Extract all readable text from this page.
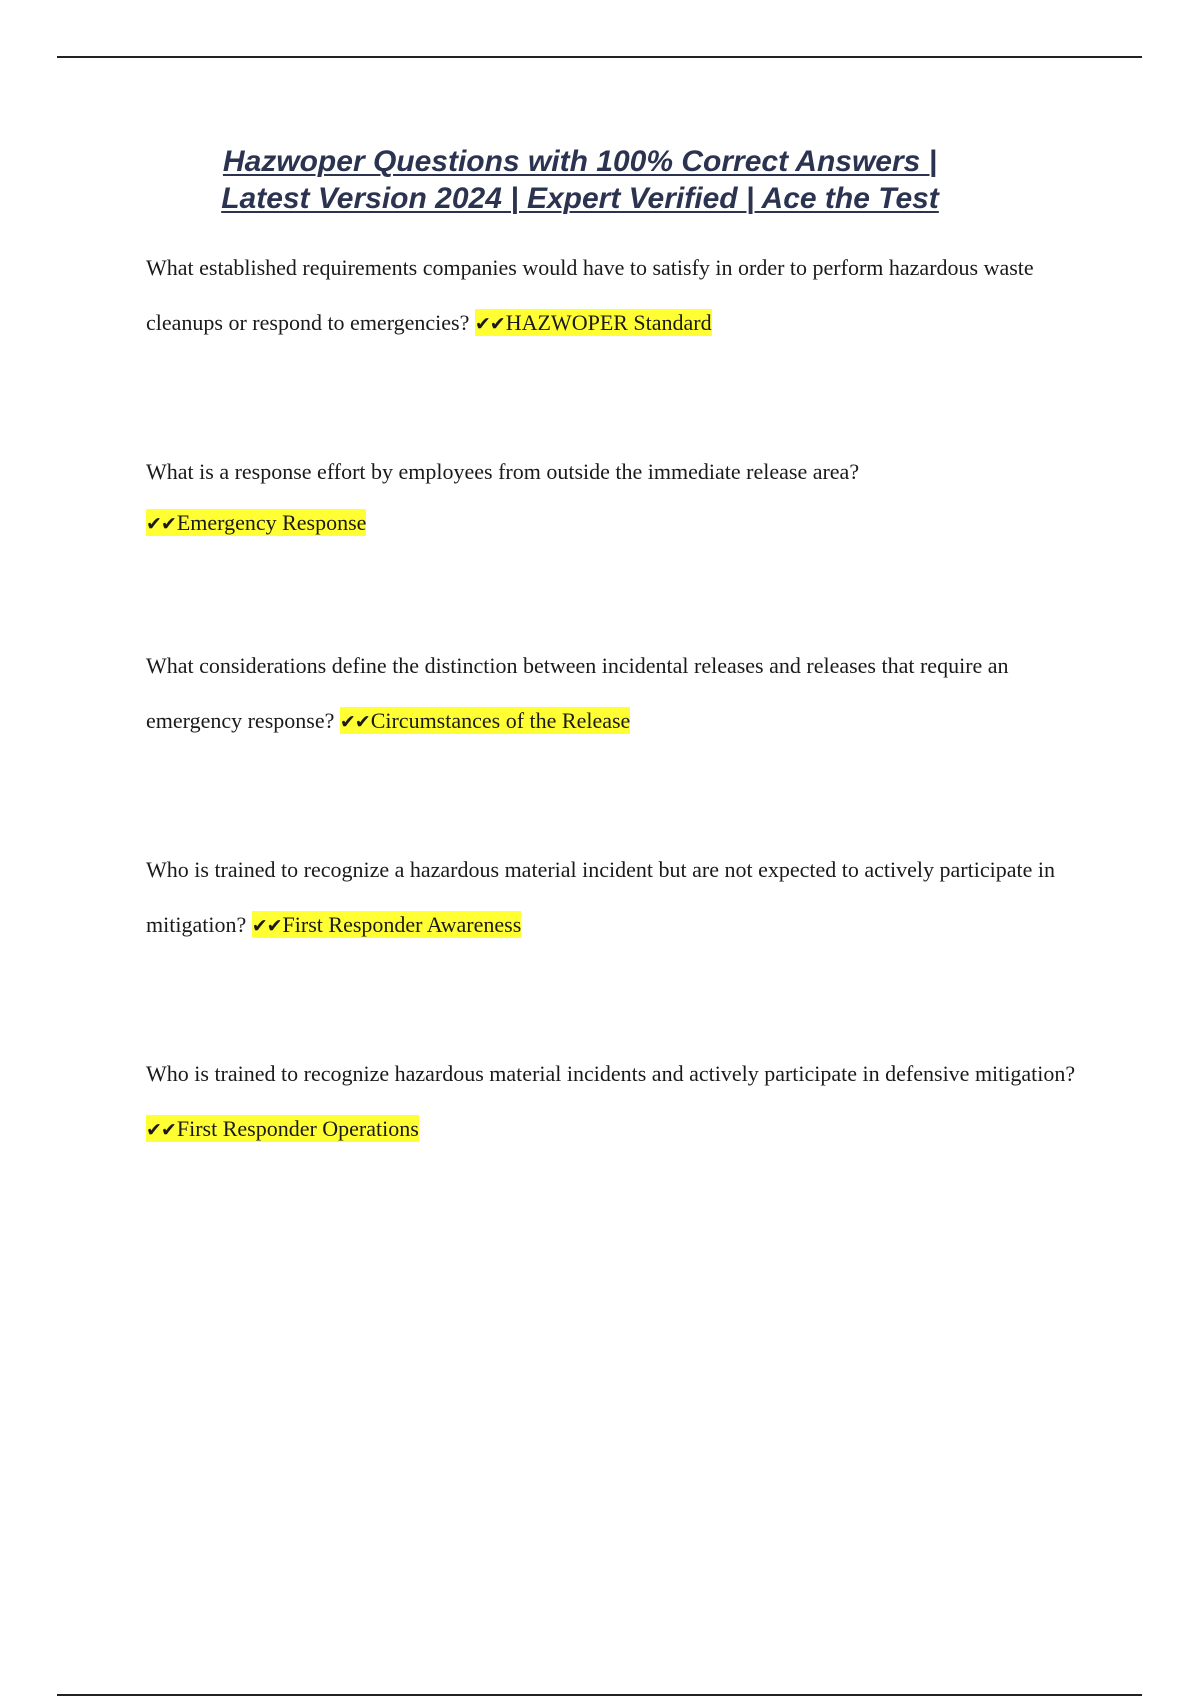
Hazwoper Questions with 100% Correct Answers |
Latest Version 2024 | Expert Verified | Ace the Test

What established requirements companies would have to satisfy in order to perform hazardous waste cleanups or respond to emergencies? ✔✔HAZWOPER Standard

What is a response effort by employees from outside the immediate release area?
✔✔Emergency Response

What considerations define the distinction between incidental releases and releases that require an emergency response? ✔✔Circumstances of the Release

Who is trained to recognize a hazardous material incident but are not expected to actively participate in mitigation? ✔✔First Responder Awareness

Who is trained to recognize hazardous material incidents and actively participate in defensive mitigation? ✔✔First Responder Operations
